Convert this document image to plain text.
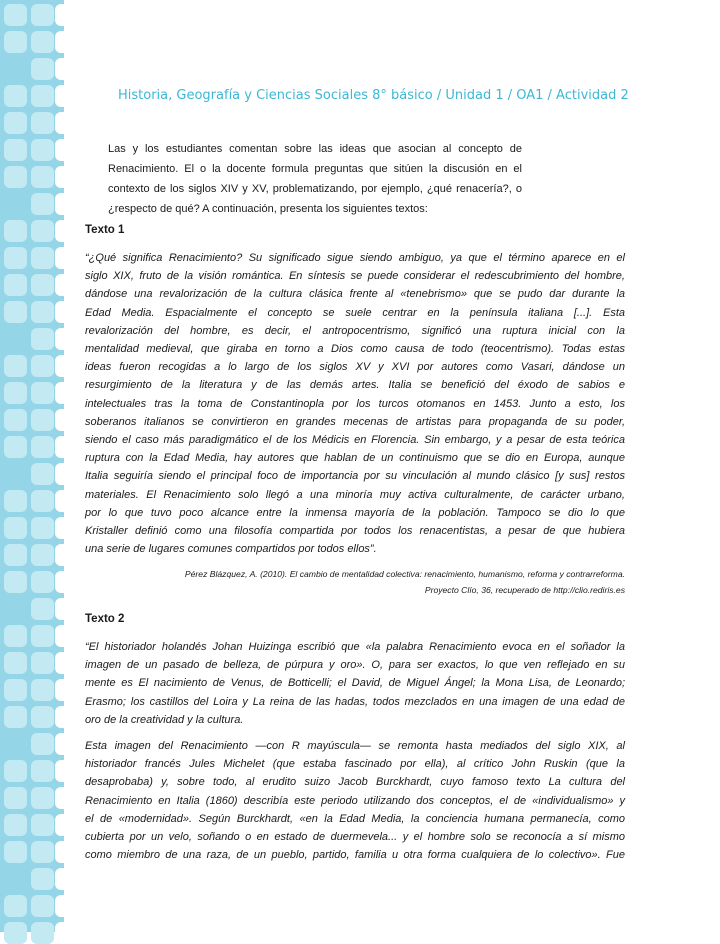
Historia, Geografía y Ciencias Sociales 8° básico / Unidad 1 / OA1 / Actividad 2
Las y los estudiantes comentan sobre las ideas que asocian al concepto de
Renacimiento. El o la docente formula preguntas que sitúen la discusión en el
contexto de los siglos XIV y XV, problematizando, por ejemplo, ¿qué renacería?, o
¿respecto de qué? A continuación, presenta los siguientes textos:
Texto 1
“¿Qué significa Renacimiento? Su significado sigue siendo ambiguo, ya que el término aparece en el
siglo XIX, fruto de la visión romántica. En síntesis se puede considerar el redescubrimiento del hombre,
dándose una revalorización de la cultura clásica frente al «tenebrismo» que se pudo dar durante la
Edad Media. Espacialmente el concepto se suele centrar en la península italiana [...]. Esta
revalorización del hombre, es decir, el antropocentrismo, significó una ruptura inicial con la
mentalidad medieval, que giraba en torno a Dios como causa de todo (teocentrismo). Todas estas
ideas fueron recogidas a lo largo de los siglos XV y XVI por autores como Vasari, dándose un
resurgimiento de la literatura y de las demás artes. Italia se benefició del éxodo de sabios e
intelectuales tras la toma de Constantinopla por los turcos otomanos en 1453. Junto a esto, los
soberanos italianos se convirtieron en grandes mecenas de artistas para propaganda de su poder,
siendo el caso más paradigmático el de los Médicis en Florencia. Sin embargo, y a pesar de esta teórica
ruptura con la Edad Media, hay autores que hablan de un continuismo que se dio en Europa, aunque
Italia seguiría siendo el principal foco de importancia por su vinculación al mundo clásico [y sus] restos
materiales. El Renacimiento solo llegó a una minoría muy activa culturalmente, de carácter urbano,
por lo que tuvo poco alcance entre la inmensa mayoría de la población. Tampoco se dio lo que
Kristaller definió como una filosofía compartida por todos los renacentistas, a pesar de que hubiera
una serie de lugares comunes compartidos por todos ellos”.
Pérez Blázquez, A. (2010). El cambio de mentalidad colectiva: renacimiento, humanismo, reforma y contrarreforma.
Proyecto Clío, 36, recuperado de http://clio.rediris.es
Texto 2
“El historiador holandés Johan Huizinga escribió que «la palabra Renacimiento evoca en el soñador la
imagen de un pasado de belleza, de púrpura y oro». O, para ser exactos, lo que ven reflejado en su
mente es El nacimiento de Venus, de Botticelli; el David, de Miguel Ángel; la Mona Lisa, de Leonardo;
Erasmo; los castillos del Loira y La reina de las hadas, todos mezclados en una imagen de una edad de
oro de la creatividad y la cultura.
Esta imagen del Renacimiento —con R mayúscula— se remonta hasta mediados del siglo XIX, al
historiador francés Jules Michelet (que estaba fascinado por ella), al crítico John Ruskin (que la
desaprobaba) y, sobre todo, al erudito suizo Jacob Burckhardt, cuyo famoso texto La cultura del
Renacimiento en Italia (1860) describía este periodo utilizando dos conceptos, el de «individualismo» y
el de «modernidad». Según Burckhardt, «en la Edad Media, la conciencia humana permanecía, como
cubierta por un velo, soñando o en estado de duermevela... y el hombre solo se reconocía a sí mismo
como miembro de una raza, de un pueblo, partido, familia u otra forma cualquiera de lo colectivo». Fue
